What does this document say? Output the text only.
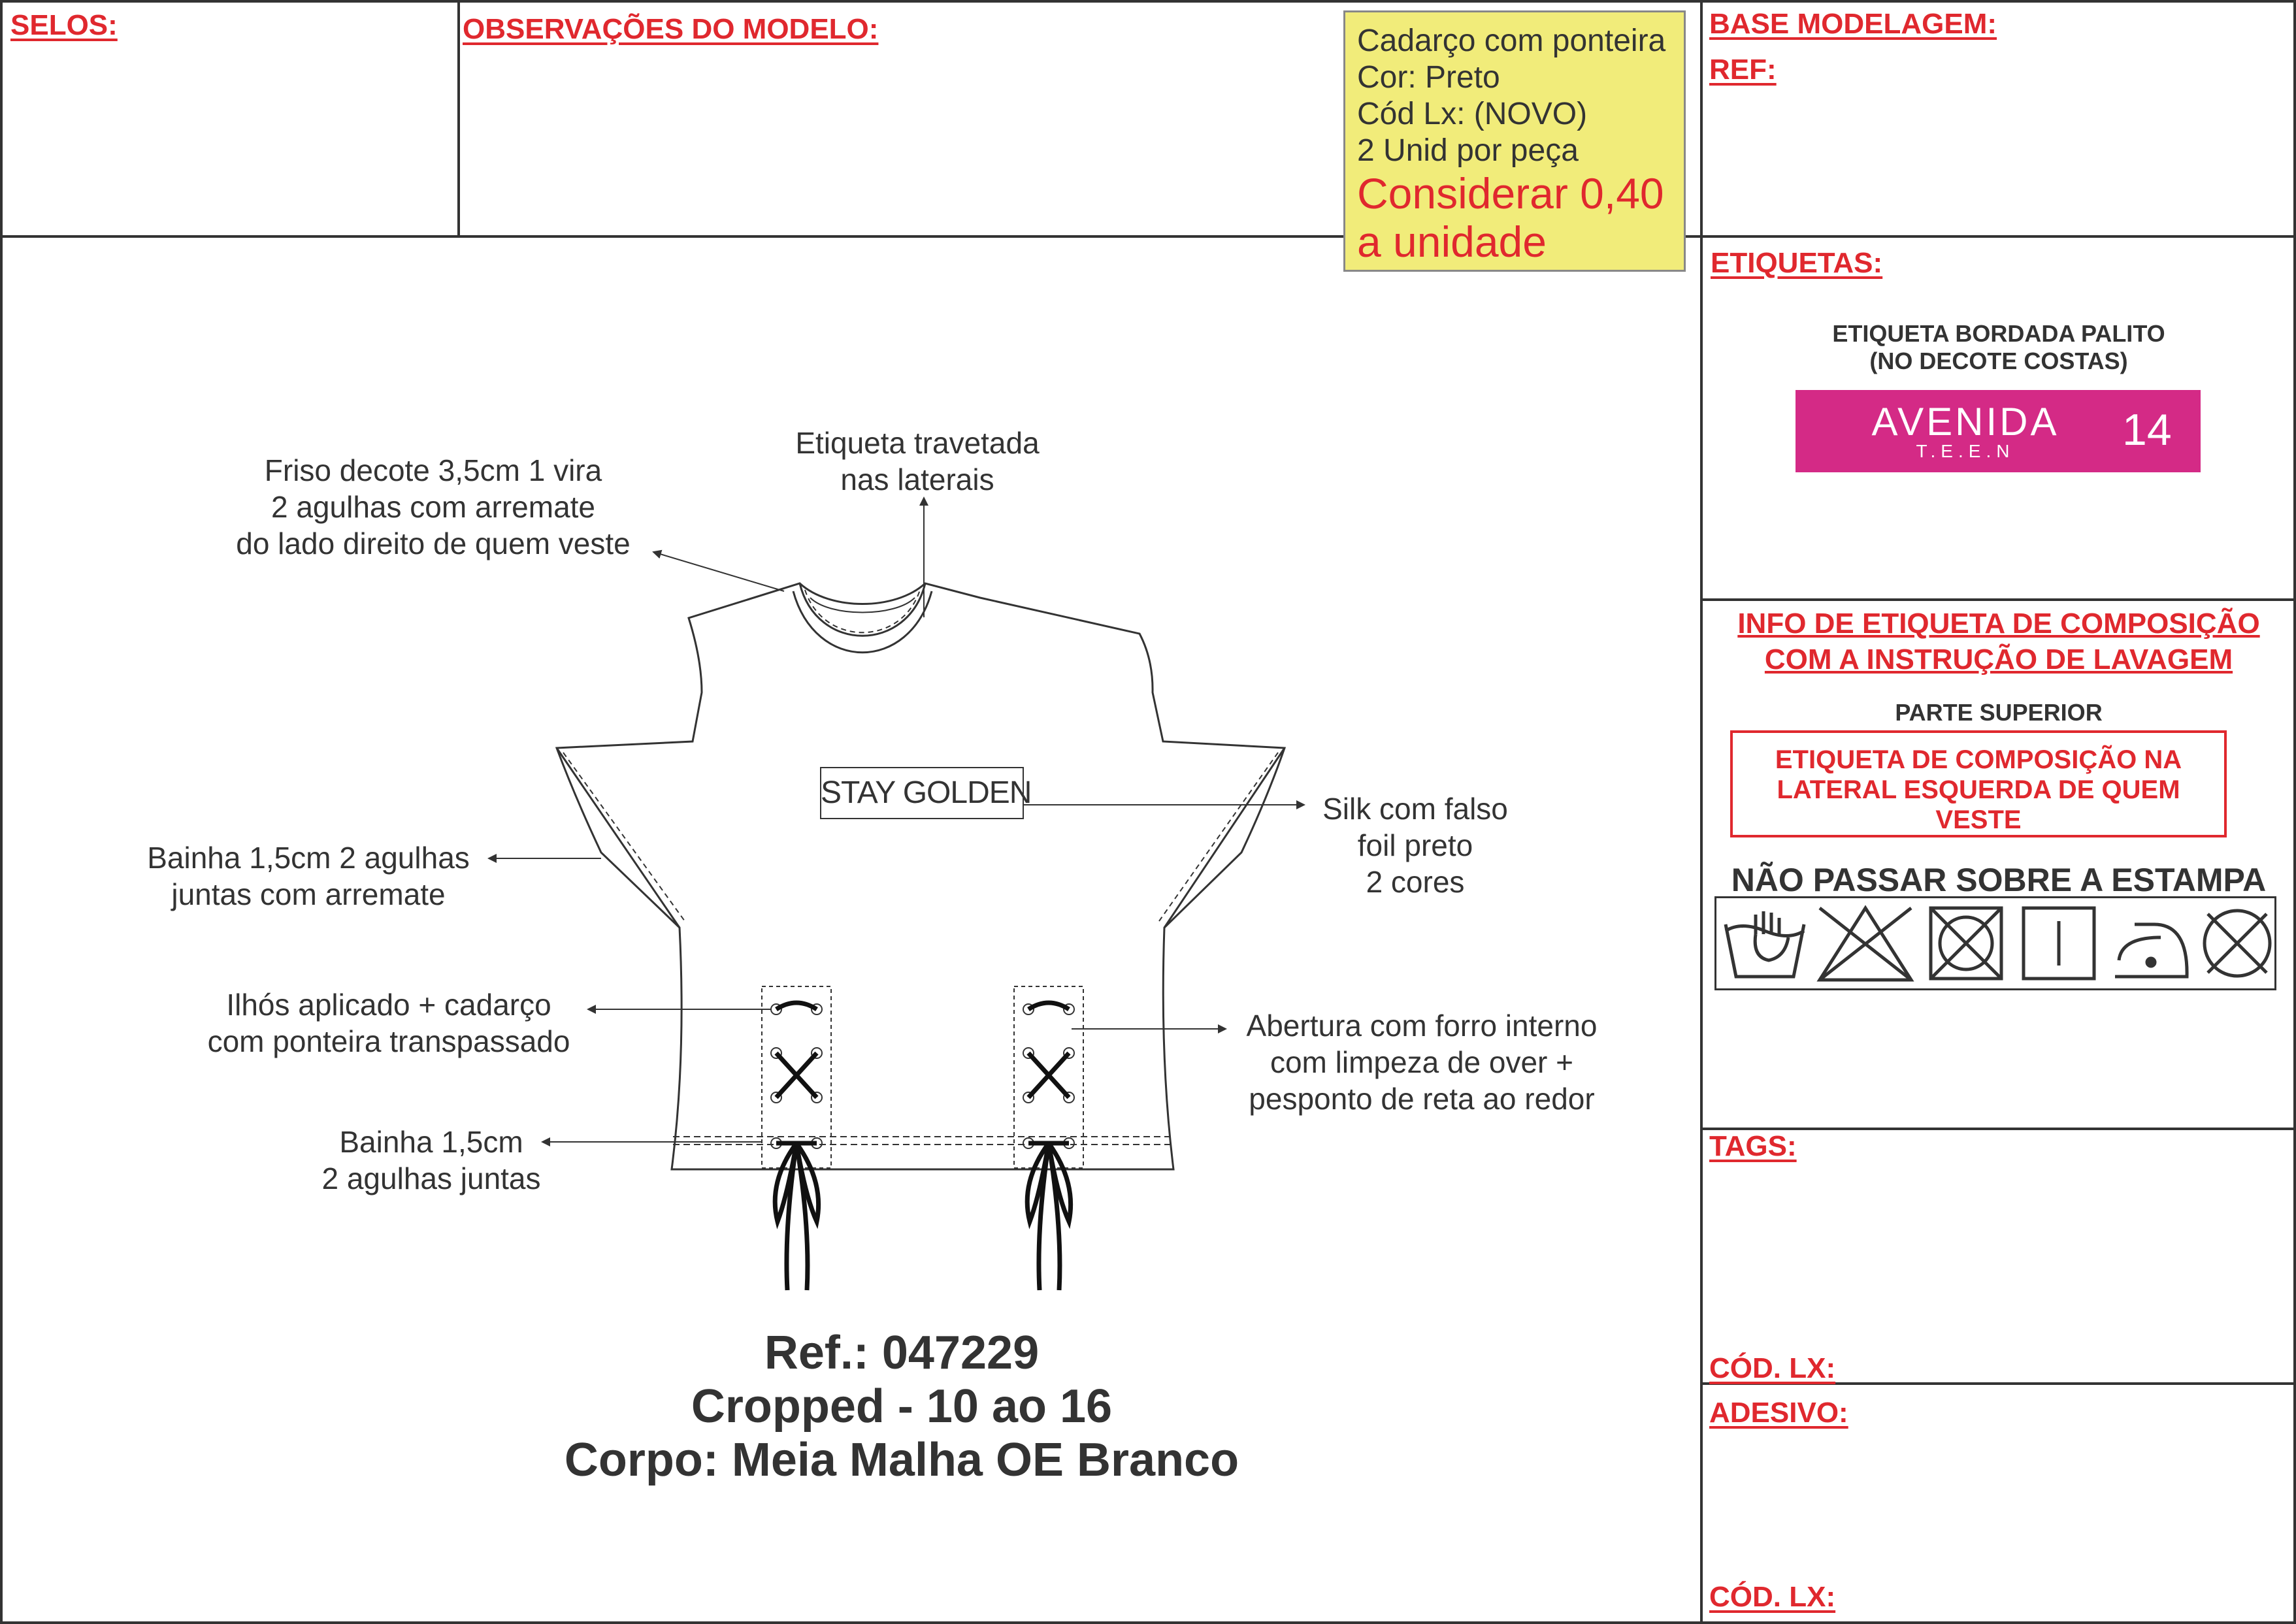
SELOS:	OBSERVAÇÕES DO MODELO:	BASE MODELAGEM:
REF:
Cadarço com ponteira
Cor: Preto
Cód Lx: (NOVO)
2 Unid por peça
Considerar 0,40
a unidade
STAY GOLDEN
Friso decote 3,5cm 1 vira
2 agulhas com arremate
do lado direito de quem veste
Etiqueta travetada
nas laterais
Silk com falso
foil preto
2 cores
Bainha 1,5cm 2 agulhas
juntas com arremate
Ilhós aplicado + cadarço
com ponteira transpassado	Abertura com forro interno
com limpeza de over +
pesponto de reta ao redor
Bainha 1,5cm
2 agulhas juntas
Ref.: 047229
Cropped - 10 ao 16
Corpo: Meia Malha OE Branco
ETIQUETAS:
ETIQUETA BORDADA PALITO
(NO DECOTE COSTAS)
AVENIDA
T.E.E.N	14
INFO DE ETIQUETA DE COMPOSIÇÃO
COM A INSTRUÇÃO DE LAVAGEM
PARTE SUPERIOR
ETIQUETA DE COMPOSIÇÃO NA
LATERAL ESQUERDA DE QUEM
VESTE
NÃO PASSAR SOBRE A ESTAMPA
TAGS:
CÓD. LX:
ADESIVO:
CÓD. LX:
